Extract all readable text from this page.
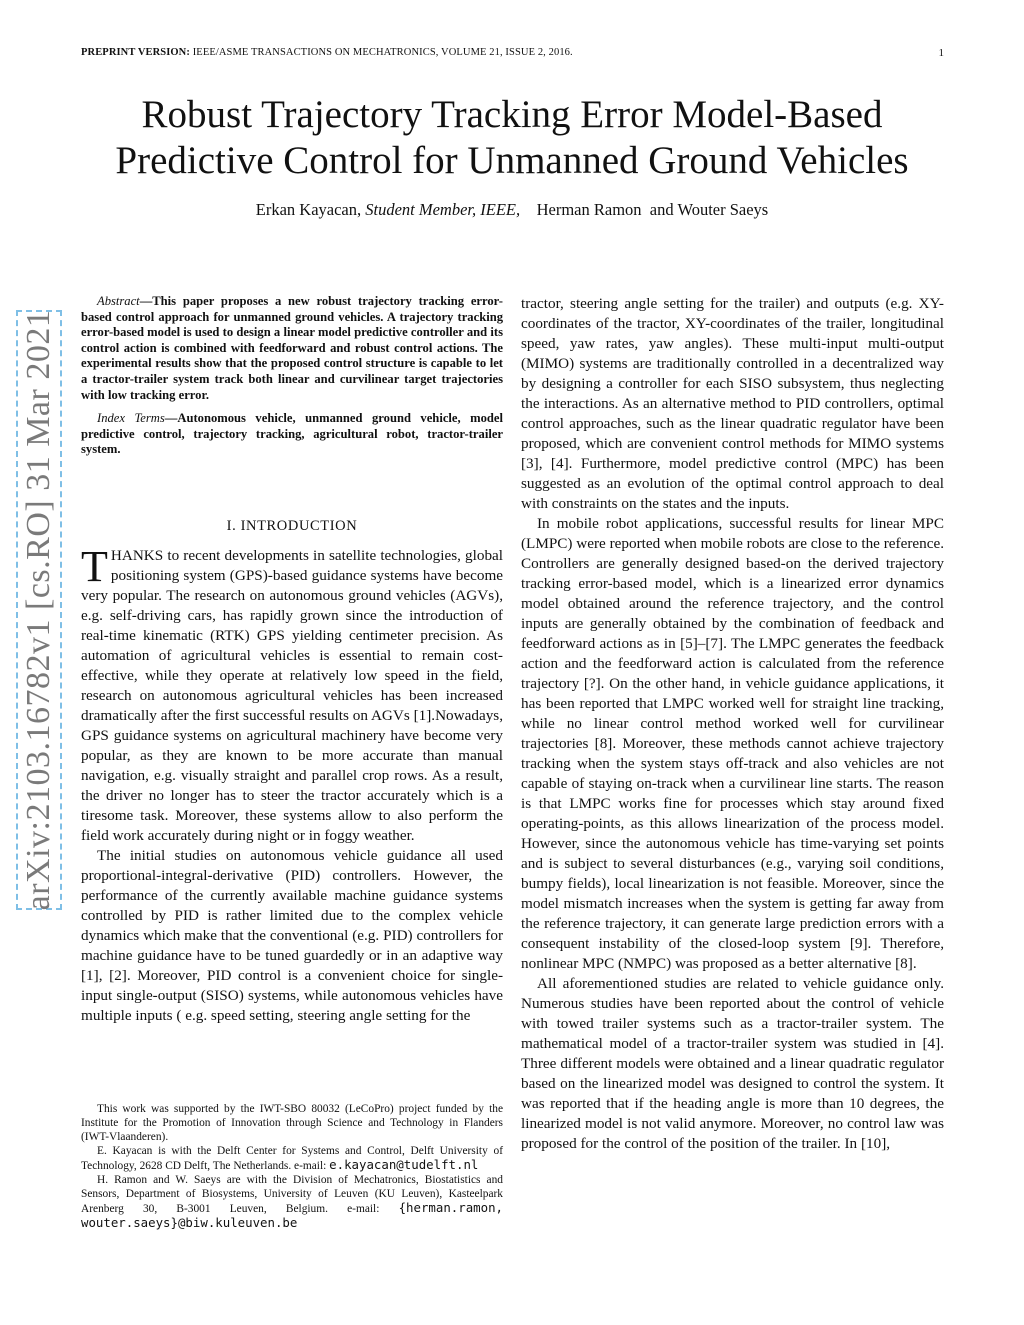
PREPRINT VERSION: IEEE/ASME TRANSACTIONS ON MECHATRONICS, VOLUME 21, ISSUE 2, 2016.	1
Robust Trajectory Tracking Error Model-Based
Predictive Control for Unmanned Ground Vehicles
Erkan Kayacan, Student Member, IEEE, Herman Ramon and Wouter Saeys
arXiv:2103.16782v1 [cs.RO] 31 Mar 2021

Abstract—This paper proposes a new robust trajectory tracking error-based control approach for unmanned ground vehicles. A trajectory tracking error-based model is used to design a linear model predictive controller and its control action is combined with feedforward and robust control actions. The experimental results show that the proposed control structure is capable to let a tractor-trailer system track both linear and curvilinear target trajectories with low tracking error.

Index Terms—Autonomous vehicle, unmanned ground vehicle, model predictive control, trajectory tracking, agricultural robot, tractor-trailer system.

I. INTRODUCTION

THANKS to recent developments in satellite technologies, global positioning system (GPS)-based guidance systems have become very popular. The research on autonomous ground vehicles (AGVs), e.g. self-driving cars, has rapidly grown since the introduction of real-time kinematic (RTK) GPS yielding centimeter precision. As automation of agricultural vehicles is essential to remain cost-effective, while they operate at relatively low speed in the field, research on autonomous agricultural vehicles has been increased dramatically after the first successful results on AGVs [1].Nowadays, GPS guidance systems on agricultural machinery have become very popular, as they are known to be more accurate than manual navigation, e.g. visually straight and parallel crop rows. As a result, the driver no longer has to steer the tractor accurately which is a tiresome task. Moreover, these systems allow to also perform the field work accurately during night or in foggy weather.

The initial studies on autonomous vehicle guidance all used proportional-integral-derivative (PID) controllers. However, the performance of the currently available machine guidance systems controlled by PID is rather limited due to the complex vehicle dynamics which make that the conventional (e.g. PID) controllers for machine guidance have to be tuned guardedly or in an adaptive way [1], [2]. Moreover, PID control is a convenient choice for single-input single-output (SISO) systems, while autonomous vehicles have multiple inputs ( e.g. speed setting, steering angle setting for the

This work was supported by the IWT-SBO 80032 (LeCoPro) project funded by the Institute for the Promotion of Innovation through Science and Technology in Flanders (IWT-Vlaanderen).

E. Kayacan is with the Delft Center for Systems and Control, Delft University of Technology, 2628 CD Delft, The Netherlands. e-mail: e.kayacan@tudelft.nl

H. Ramon and W. Saeys are with the Division of Mechatronics, Biostatistics and Sensors, Department of Biosystems, University of Leuven (KU Leuven), Kasteelpark Arenberg 30, B-3001 Leuven, Belgium. e-mail: {herman.ramon, wouter.saeys}@biw.kuleuven.be

tractor, steering angle setting for the trailer) and outputs (e.g. XY-coordinates of the tractor, XY-coordinates of the trailer, longitudinal speed, yaw rates, yaw angles). These multi-input multi-output (MIMO) systems are traditionally controlled in a decentralized way by designing a controller for each SISO subsystem, thus neglecting the interactions. As an alternative method to PID controllers, optimal control approaches, such as the linear quadratic regulator have been proposed, which are convenient control methods for MIMO systems [3], [4]. Furthermore, model predictive control (MPC) has been suggested as an evolution of the optimal control approach to deal with constraints on the states and the inputs.

In mobile robot applications, successful results for linear MPC (LMPC) were reported when mobile robots are close to the reference. Controllers are generally designed based-on the derived trajectory tracking error-based model, which is a linearized error dynamics model obtained around the reference trajectory, and the control inputs are generally obtained by the combination of feedback and feedforward actions as in [5]–[7]. The LMPC generates the feedback action and the feedforward action is calculated from the reference trajectory [?]. On the other hand, in vehicle guidance applications, it has been reported that LMPC worked well for straight line tracking, while no linear control method worked well for curvilinear trajectories [8]. Moreover, these methods cannot achieve trajectory tracking when the system stays off-track and also vehicles are not capable of staying on-track when a curvilinear line starts. The reason is that LMPC works fine for processes which stay around fixed operating-points, as this allows linearization of the process model. However, since the autonomous vehicle has time-varying set points and is subject to several disturbances (e.g., varying soil conditions, bumpy fields), local linearization is not feasible. Moreover, since the model mismatch increases when the system is getting far away from the reference trajectory, it can generate large prediction errors with a consequent instability of the closed-loop system [9]. Therefore, nonlinear MPC (NMPC) was proposed as a better alternative [8].

All aforementioned studies are related to vehicle guidance only. Numerous studies have been reported about the control of vehicle with towed trailer systems such as a tractor-trailer system. The mathematical model of a tractor-trailer system was studied in [4]. Three different models were obtained and a linear quadratic regulator based on the linearized model was designed to control the system. It was reported that if the heading angle is more than 10 degrees, the linearized model is not valid anymore. Moreover, no control law was proposed for the control of the position of the trailer. In [10],
